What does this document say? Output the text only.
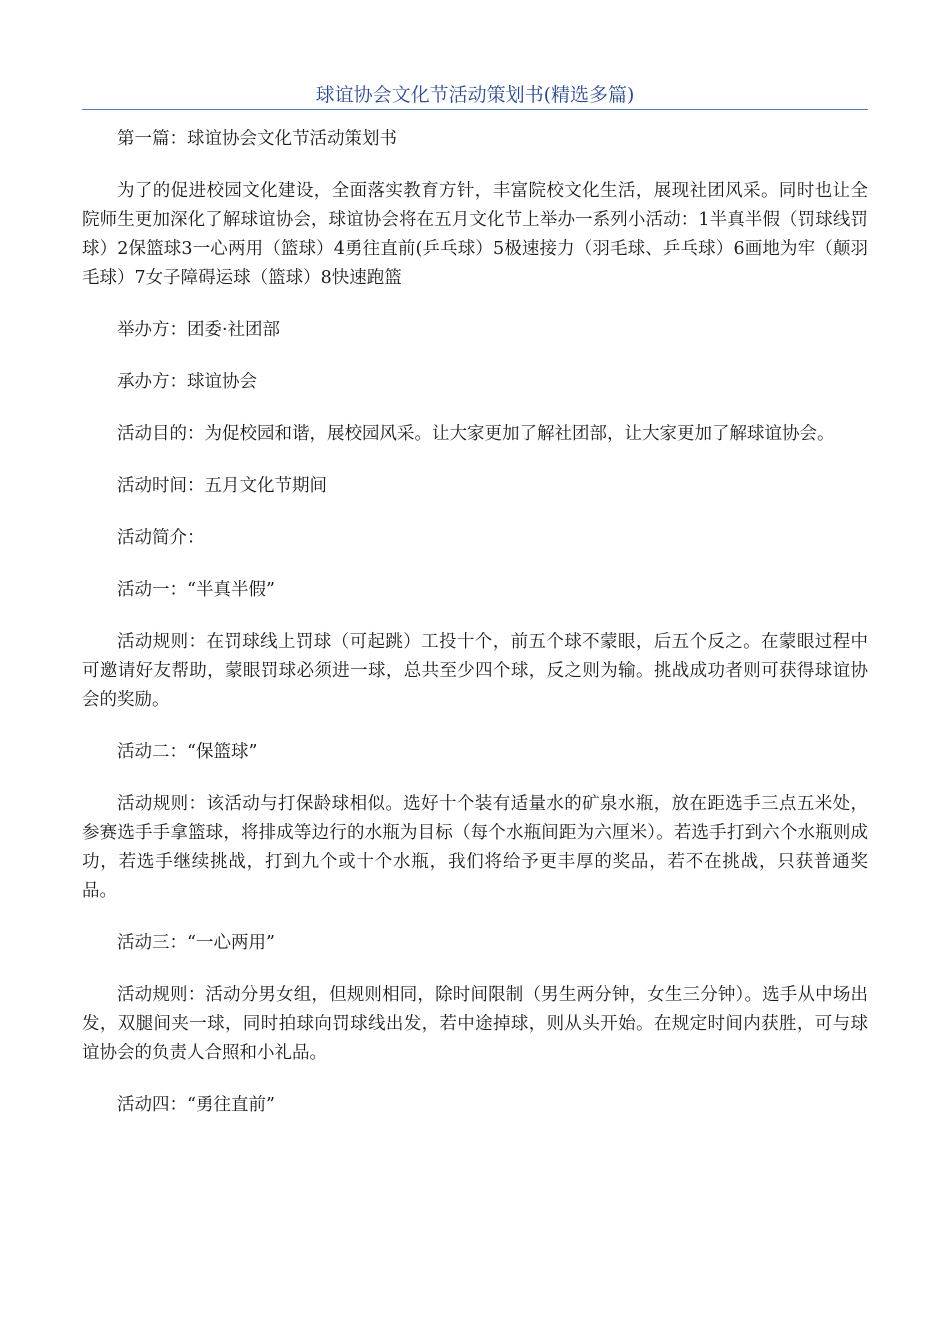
球谊协会文化节活动策划书(精选多篇)

第一篇：球谊协会文化节活动策划书

为了的促进校园文化建设，全面落实教育方针，丰富院校文化生活，展现社团风采。同时也让全院师生更加深化了解球谊协会，球谊协会将在五月文化节上举办一系列小活动：1半真半假（罚球线罚球）2保篮球3一心两用（篮球）4勇往直前(乒乓球）5极速接力（羽毛球、乒乓球）6画地为牢（颠羽毛球）7女子障碍运球（篮球）8快速跑篮

举办方：团委·社团部

承办方：球谊协会

活动目的：为促校园和谐，展校园风采。让大家更加了解社团部，让大家更加了解球谊协会。

活动时间：五月文化节期间

活动简介：

活动一：“半真半假”

活动规则：在罚球线上罚球（可起跳）工投十个，前五个球不蒙眼，后五个反之。在蒙眼过程中可邀请好友帮助，蒙眼罚球必须进一球，总共至少四个球，反之则为输。挑战成功者则可获得球谊协会的奖励。

活动二：“保篮球”

活动规则：该活动与打保龄球相似。选好十个装有适量水的矿泉水瓶，放在距选手三点五米处，参赛选手手拿篮球，将排成等边行的水瓶为目标（每个水瓶间距为六厘米）。若选手打到六个水瓶则成功，若选手继续挑战，打到九个或十个水瓶，我们将给予更丰厚的奖品，若不在挑战，只获普通奖品。

活动三：“一心两用”

活动规则：活动分男女组，但规则相同，除时间限制（男生两分钟，女生三分钟）。选手从中场出发，双腿间夹一球，同时拍球向罚球线出发，若中途掉球，则从头开始。在规定时间内获胜，可与球谊协会的负责人合照和小礼品。

活动四：“勇往直前”
